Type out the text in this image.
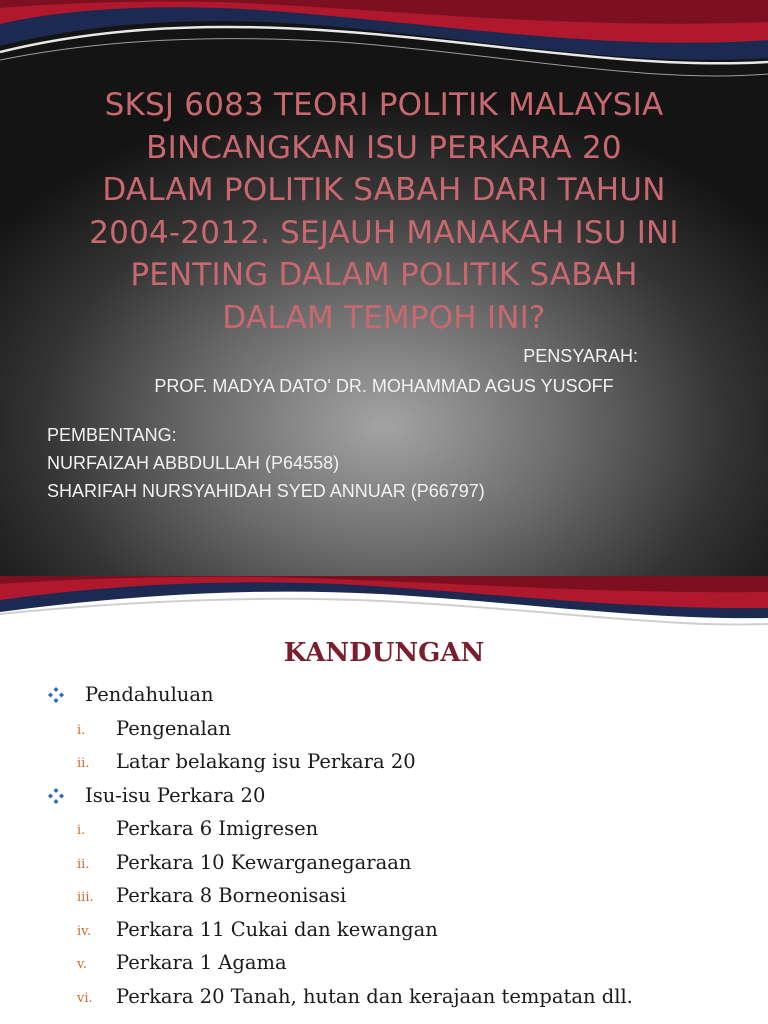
SKSJ 6083 TEORI POLITIK MALAYSIA
BINCANGKAN ISU PERKARA 20
DALAM POLITIK SABAH DARI TAHUN
2004-2012. SEJAUH MANAKAH ISU INI
PENTING DALAM POLITIK SABAH
DALAM TEMPOH INI?

PENSYARAH:

PROF. MADYA DATO' DR. MOHAMMAD AGUS YUSOFF

PEMBENTANG:
NURFAIZAH ABBDULLAH (P64558)
SHARIFAH NURSYAHIDAH SYED ANNUAR (P66797)
KANDUNGAN
Pendahuluan
i. Pengenalan
ii. Latar belakang isu Perkara 20
Isu-isu Perkara 20
i. Perkara 6 Imigresen
ii. Perkara 10 Kewarganegaraan
iii. Perkara 8 Borneonisasi
iv. Perkara 11 Cukai dan kewangan
v. Perkara 1 Agama
vi. Perkara 20 Tanah, hutan dan kerajaan tempatan dll.
